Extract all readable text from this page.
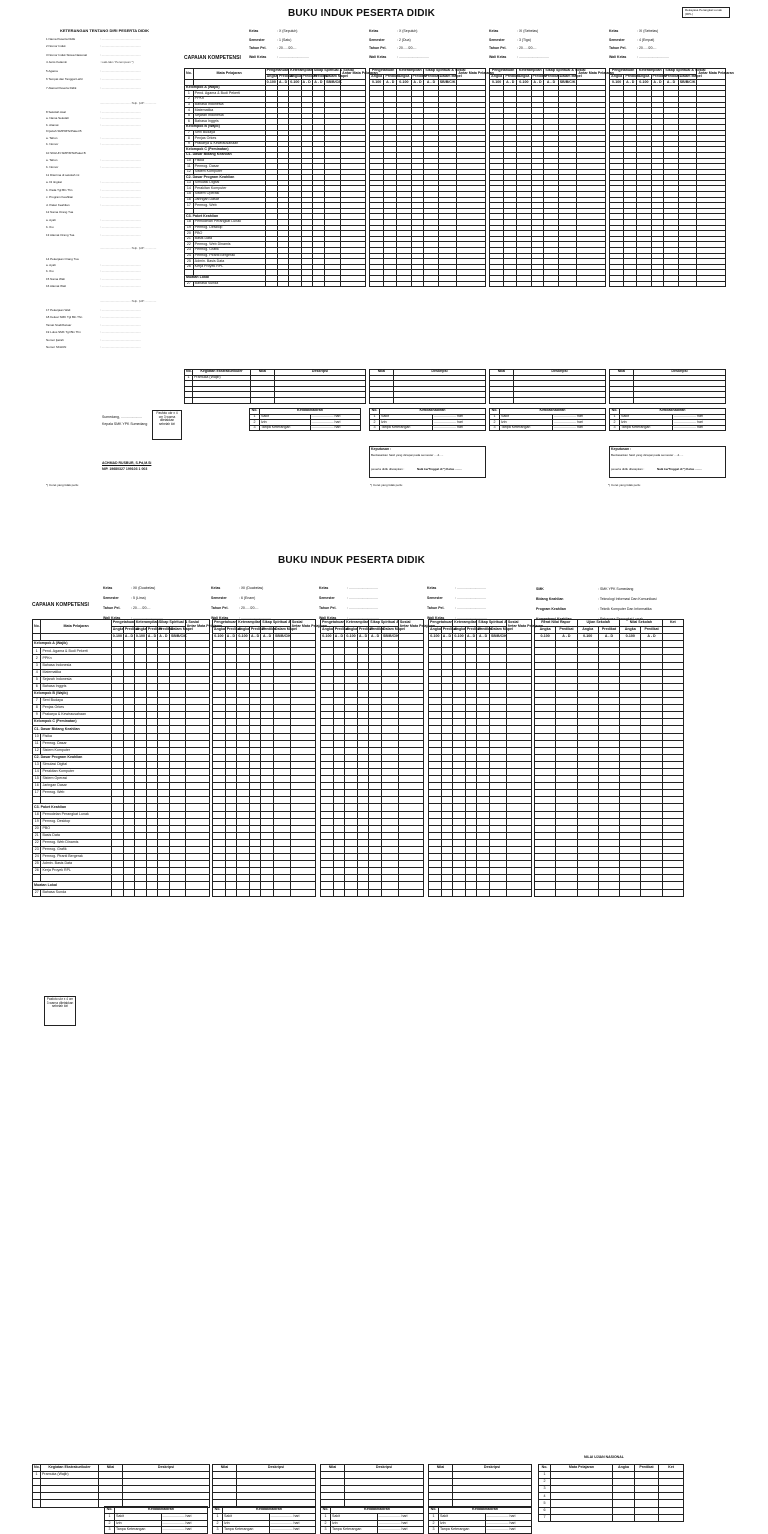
BUKU INDUK PESERTA DIDIK	Rekayasa Perangkat Lunak (RPL)
KETERANGAN TENTANG DIRI PESERTA DIDIK
1 Nama Peserta Didik	: ...............................................
2 Nomor Induk	: ...............................................
3 Nomor Induk Siswa Nasional	: ...............................................
4 Jenis Kelamin	: Laki-laki / Perempuan *)
5 Agama	: ...............................................
6 Tempat dan Tanggal Lahir	: ...............................................
7 Alamat Peserta Didik	: ...............................................
......................................Telp. |HP: .............
8 Sekolah Asal	: ...............................................
a. Nama Sekolah	: ...............................................
b. Alamat	: ...............................................
9 Ijazah SMP/MTs/Paket B
a. Tahun	: ...............................................
b. Nomor	: ...............................................
10 SKHUN SMP/MTs/Paket B
a. Tahun	: ...............................................
b. Nomor	: ...............................................
11 Diterima di sekolah ini
a. Di tingkat	: ...............................................
b. Pada Tgl Bln Thn	: ...............................................
c. Program Keahlian	: ...............................................
d. Paket Keahlian	: ...............................................
12 Nama Orang Tua
a. Ayah	: ...............................................
b. Ibu	: ...............................................
13 Alamat Orang Tua	: ...............................................
......................................Telp. |HP: .............
14 Pekerjaan Orang Tua
a. Ayah	: ...............................................
b. Ibu	: ...............................................
15 Nama Wali	: ...............................................
16 Alamat Wali	: ...............................................
......................................Telp. |HP: .............
17 Pekerjaan Wali	: ...............................................
18 Keluar SMK Tgl Bln Thn	: ...............................................
Tamat Studi/Keluar	: ...............................................
19 Lulus SMK Tgl Bln Thn	: ...............................................
Nomor Ijazah	: ...............................................
Nomor SKHUN	: ...............................................
Sumedang, ......................
Kepala SMK YPK Sumedang
Pasfoto ukr x 4 cm 3 warna diletakkan sebelah kiri
ACHMAD RUSBUR, S.Pd,M.Si
NIP. 19680327 199103 1 003
*) Coret yang tidak perlu
Kelas	: X (Sepuluh)
Semester	: 1 (Satu)
Tahun Pel.	: 20.... /20....
Wali Kelas	: ...............................
Kelas	: X (Sepuluh)
Semester	: 2 (Dua)
Tahun Pel.	: 20.... /20....
Wali Kelas	: ...............................
Kelas	: XI (Sebelas)
Semester	: 3 (Tiga)
Tahun Pel.	: 20.... /20....
Wali Kelas	: ...............................
Kelas	: XI (Sebelas)
Semester	: 4 (Empat)
Tahun Pel.	: 20.... /20....
Wali Kelas	: ...............................
CAPAIAN KOMPETENSI
No.	Mata Pelajaran	Pengetahuan		Keterampilan		Sikap Spiritual & Sosial		Antar Mata Pelajaran
		Angka	Predikat	Angka	Predikat	Predikat	Dalam Mapel	
		0-100	A - D	0-100	A - D	A - D	SB/B/C/K	
Kelompok A (Wajib)								
1	Pend. Agama & Budi Pekerti							
2	PPKn							
3	Bahasa Indonesia							
4	Matematika							
5	Sejarah Indonesia							
6	Bahasa Inggris							
Kelompok B (Wajib)								
7	Seni Budaya							
8	Penjas Orkes							
9	Prakarya & Kewirausahaan							
Kelompok C (Peminatan)								
C1. Dasar Bidang Keahlian								
10	Fisika							
11	Pemrog. Dasar							
12	Sistem Komputer							
C2. Dasar Program Keahlian								
13	Simulasi Digital							
14	Perakitan Komputer							
15	Sistem Operasi							
16	Jaringan Dasar							
17	Pemrog. Web							

C3. Paket Keahlian								
18	Pemodelan Perangkat Lunak							
19	Pemrog. Desktop							
20	PBO							
21	Basis Data							
22	Pemrog. Web Dinamis							
23	Pemrog. Grafik							
24	Pemrog. Piranti Bergerak							
25	Admin. Basis Data							
26	Kerja Proyek RPL							

Muatan Lokal								
27	Bahasa Sunda							
Pengetahuan		Keterampilan		Sikap Spiritual & Sosial		Antar Mata Pelajaran
Angka	Predikat	Angka	Predikat	Predikat	Dalam Mapel	
0-100	A - D	0-100	A - D	A - D	SB/B/C/K	

Pengetahuan		Keterampilan		Sikap Spiritual & Sosial		Antar Mata Pelajaran
Angka	Predikat	Angka	Predikat	Predikat	Dalam Mapel	
0-100	A - D	0-100	A - D	A - D	SB/B/C/K	

Pengetahuan		Keterampilan		Sikap Spiritual & Sosial		Antar Mata Pelajaran
Angka	Predikat	Angka	Predikat	Predikat	Dalam Mapel	
0-100	A - D	0-100	A - D	A - D	SB/B/C/K	

No.	Kegiatan Ekstrakurikuler	Nilai	Deskripsi
1	Pramuka (Wajib)		

Nilai	Deskripsi

		Nilai	Deskripsi

		Nilai	Deskripsi

No.	Ketidakhadiran	
1	Sakit	...................... hari
2	Izin	...................... hari
3	Tanpa Keterangan	...................... hari
No.	Ketidakhadiran	
1	Sakit	...................... hari
2	Izin	...................... hari
3	Tanpa Keterangan	...................... hari
No.	Ketidakhadiran	
1	Sakit	...................... hari
2	Izin	...................... hari
3	Tanpa Keterangan	...................... hari
No.	Ketidakhadiran	
1	Sakit	...................... hari
2	Izin	...................... hari
3	Tanpa Keterangan	...................... hari
Keputusan :
Berdasarkan hasil yang dicapai pada semester ....4.....
peserta didik ditetapkan :	Naik ke/Tinggal di *) Kelas ........
Keputusan :
Berdasarkan hasil yang dicapai pada semester ....4.....
peserta didik ditetapkan :	Naik ke/Tinggal di *) Kelas ........
*) Coret yang tidak perlu	*) Coret yang tidak perlu
BUKU INDUK PESERTA DIDIK
Kelas	: XII (Duabelas)
Semester	: 5 (Lima)
Tahun Pel.	: 20.... /20....
Wali Kelas	: ...............................
Kelas	: XII (Duabelas)
Semester	: 6 (Enam)
Tahun Pel.	: 20.... /20....
Wali Kelas	: ...............................
Kelas	: ..............................
Semester	: ..............................
Tahun Pel.	: ..............................
Wali Kelas	: ...............................
Kelas	: ..............................
Semester	: ..............................
Tahun Pel.	: ..............................
Wali Kelas	: ...............................
SMK	: SMK YPK Sumedang
Bidang Keahlian	: Teknologi Informasi Dan Komunikasi
Program Keahlian	: Teknik Komputer Dan Informatika
Kompetensi Keahlian	: Rekayasa Perangkat Lunak
CAPAIAN KOMPETENSI
No.	Mata Pelajaran	Pengetahuan		Keterampilan		Sikap Spiritual & Sosial		Antar Mata Pelajaran
		Angka	Predikat	Angka	Predikat	Predikat	Dalam Mapel	
		0-100	A - D	0-100	A - D	A - D	SB/B/C/K	
Kelompok A (Wajib)								
1	Pend. Agama & Budi Pekerti							
2	PPKn							
3	Bahasa Indonesia							
4	Matematika							
5	Sejarah Indonesia							
6	Bahasa Inggris							
Kelompok B (Wajib)								
7	Seni Budaya							
8	Penjas Orkes							
9	Prakarya & Kewirausahaan							
Kelompok C (Peminatan)								
C1. Dasar Bidang Keahlian								
10	Fisika							
11	Pemrog. Dasar							
12	Sistem Komputer							
C2. Dasar Program Keahlian								
13	Simulasi Digital							
14	Perakitan Komputer							
15	Sistem Operasi							
16	Jaringan Dasar							
17	Pemrog. Web							

C3. Paket Keahlian								
18	Pemodelan Perangkat Lunak							
19	Pemrog. Desktop							
20	PBO							
21	Basis Data							
22	Pemrog. Web Dinamis							
23	Pemrog. Grafik							
24	Pemrog. Piranti Bergerak							
25	Admin. Basis Data							
26	Kerja Proyek RPL							

Muatan Lokal								
27	Bahasa Sunda							
Pengetahuan		Keterampilan		Sikap Spiritual & Sosial		Antar Mata Pelajaran
Angka	Predikat	Angka	Predikat	Predikat	Dalam Mapel	
0-100	A - D	0-100	A - D	A - D	SB/B/C/K	

Pengetahuan		Keterampilan		Sikap Spiritual & Sosial		Antar Mata Pelajaran
Angka	Predikat	Angka	Predikat	Predikat	Dalam Mapel	
0-100	A - D	0-100	A - D	A - D	SB/B/C/K	

Pengetahuan		Keterampilan		Sikap Spiritual & Sosial		Antar Mata Pelajaran
Angka	Predikat	Angka	Predikat	Predikat	Dalam Mapel	
0-100	A - D	0-100	A - D	A - D	SB/B/C/K	

Rerat Nilai Rapor		Ujian Sekolah		Nilai Sekolah		Ket
Angka	Predikat	Angka	Predikat	Angka	Predikat	
0-100	A - D	0-100	A - D	0-100	A - D	

NILAI UJIAN NASIONAL
No.	Mata Pelajaran	Angka	Predikat	Ket
1				
2				
3				
4				
5				
6				
7				
No.	Kegiatan Ekstrakurikuler	Nilai	Deskripsi
1	Pramuka (Wajib)		

Nilai	Deskripsi

		Nilai	Deskripsi

		Nilai	Deskripsi

No.	Ketidakhadiran	
1	Sakit	...................... hari
2	Izin	...................... hari
3	Tanpa Keterangan	...................... hari
No.	Ketidakhadiran	
1	Sakit	...................... hari
2	Izin	...................... hari
3	Tanpa Keterangan	...................... hari
No.	Ketidakhadiran	
1	Sakit	...................... hari
2	Izin	...................... hari
3	Tanpa Keterangan	...................... hari
No.	Ketidakhadiran	
1	Sakit	...................... hari
2	Izin	...................... hari
3	Tanpa Keterangan	...................... hari
Pasfoto ukr x 4 cm 3 warna diletakkan sebelah kiri
